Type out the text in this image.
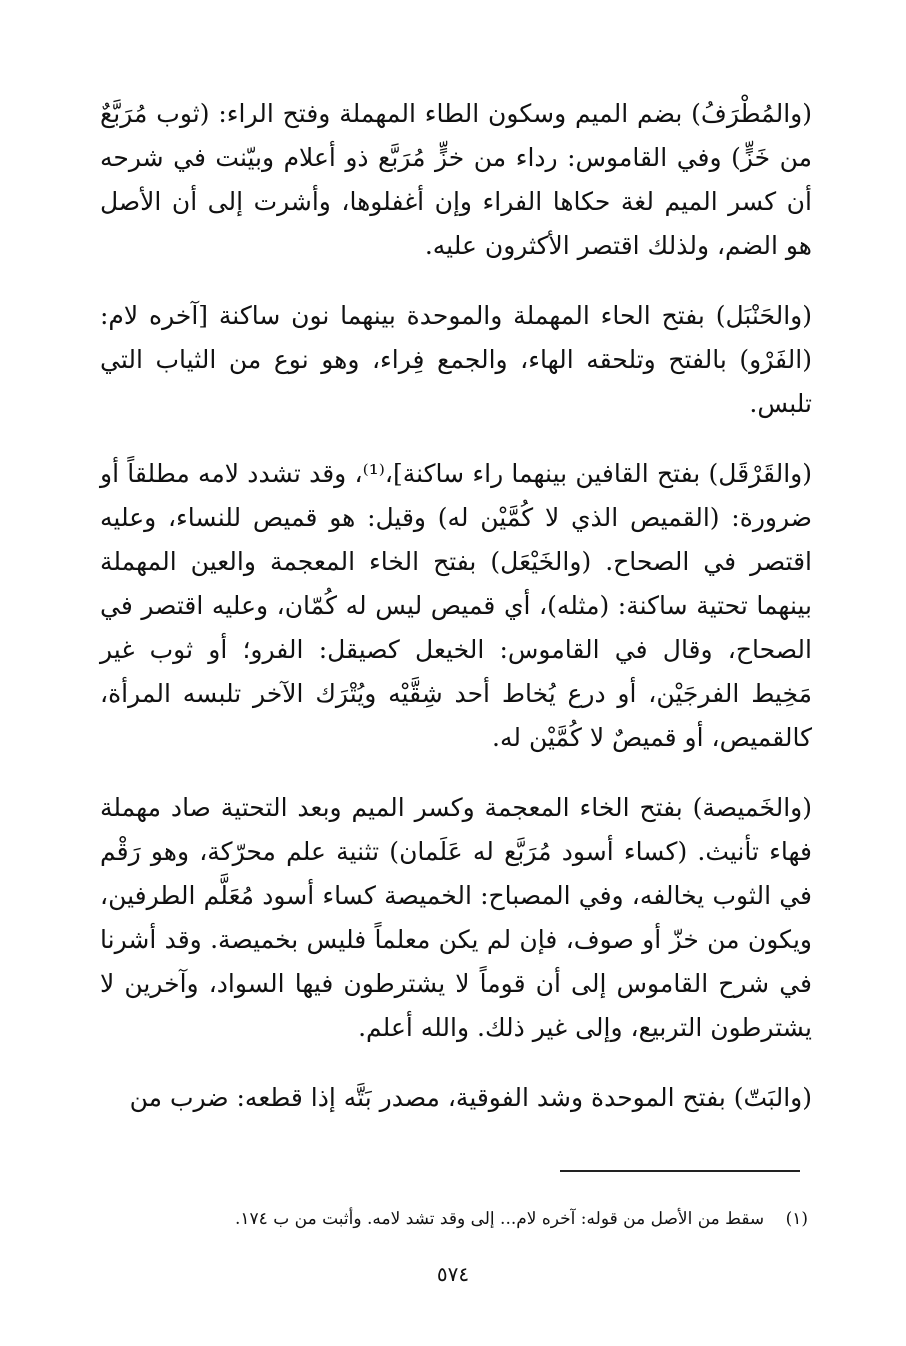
(والمُطْرَفُ) بضم الميم وسكون الطاء المهملة وفتح الراء: (ثوب مُرَبَّعٌ من خَزٍّ) وفي القاموس: رداء من خزٍّ مُرَبَّع ذو أعلام وبيّنت في شرحه أن كسر الميم لغة حكاها الفراء وإن أغفلوها، وأشرت إلى أن الأصل هو الضم، ولذلك اقتصر الأكثرون عليه.

(والحَنْبَل) بفتح الحاء المهملة والموحدة بينهما نون ساكنة [آخره لام: (الفَرْو) بالفتح وتلحقه الهاء، والجمع فِراء، وهو نوع من الثياب التي تلبس.

(والقَرْقَل) بفتح القافين بينهما راء ساكنة]،⁽¹⁾، وقد تشدد لامه مطلقاً أو ضرورة: (القميص الذي لا كُمَّيْن له) وقيل: هو قميص للنساء، وعليه اقتصر في الصحاح. (والخَيْعَل) بفتح الخاء المعجمة والعين المهملة بينهما تحتية ساكنة: (مثله)، أي قميص ليس له كُمّان، وعليه اقتصر في الصحاح، وقال في القاموس: الخيعل كصيقل: الفرو؛ أو ثوب غير مَخِيط الفرجَيْن، أو درع يُخاط أحد شِقَّيْه ويُتْرَك الآخر تلبسه المرأة، كالقميص، أو قميصٌ لا كُمَّيْن له.

(والخَميصة) بفتح الخاء المعجمة وكسر الميم وبعد التحتية صاد مهملة فهاء تأنيث. (كساء أسود مُرَبَّع له عَلَمان) تثنية علم محرّكة، وهو رَقْم في الثوب يخالفه، وفي المصباح: الخميصة كساء أسود مُعَلَّم الطرفين، ويكون من خزّ أو صوف، فإن لم يكن معلماً فليس بخميصة. وقد أشرنا في شرح القاموس إلى أن قوماً لا يشترطون فيها السواد، وآخرين لا يشترطون التربيع، وإلى غير ذلك. والله أعلم.

(والبَتّ) بفتح الموحدة وشد الفوقية، مصدر بَتَّه إذا قطعه: ضرب من

(١) سقط من الأصل من قوله: آخره لام... إلى وقد تشد لامه. وأثبت من ب ١٧٤.
٥٧٤
